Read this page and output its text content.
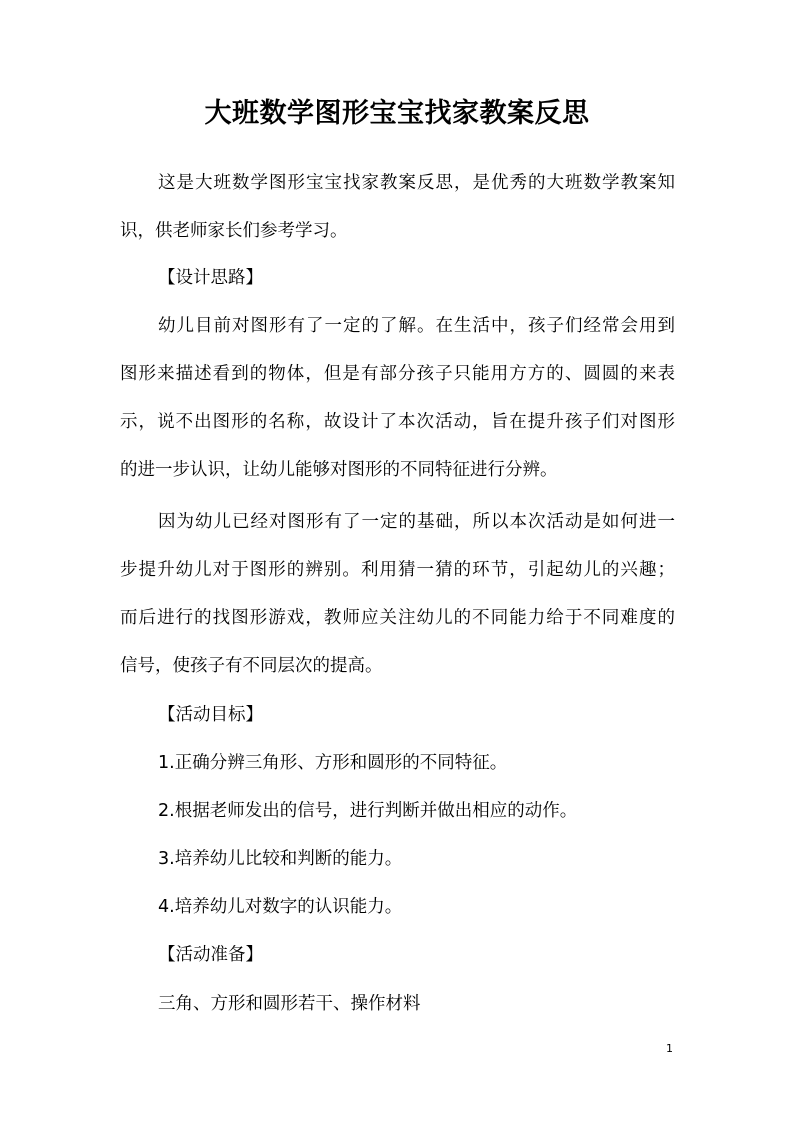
大班数学图形宝宝找家教案反思
这是大班数学图形宝宝找家教案反思，是优秀的大班数学教案知
识，供老师家长们参考学习。
【设计思路】
幼儿目前对图形有了一定的了解。在生活中，孩子们经常会用到
图形来描述看到的物体，但是有部分孩子只能用方方的、圆圆的来表
示，说不出图形的名称，故设计了本次活动，旨在提升孩子们对图形
的进一步认识，让幼儿能够对图形的不同特征进行分辨。
因为幼儿已经对图形有了一定的基础，所以本次活动是如何进一
步提升幼儿对于图形的辨别。利用猜一猜的环节，引起幼儿的兴趣；
而后进行的找图形游戏，教师应关注幼儿的不同能力给于不同难度的
信号，使孩子有不同层次的提高。
【活动目标】
1.正确分辨三角形、方形和圆形的不同特征。
2.根据老师发出的信号，进行判断并做出相应的动作。
3.培养幼儿比较和判断的能力。
4.培养幼儿对数字的认识能力。
【活动准备】
三角、方形和圆形若干、操作材料
1
